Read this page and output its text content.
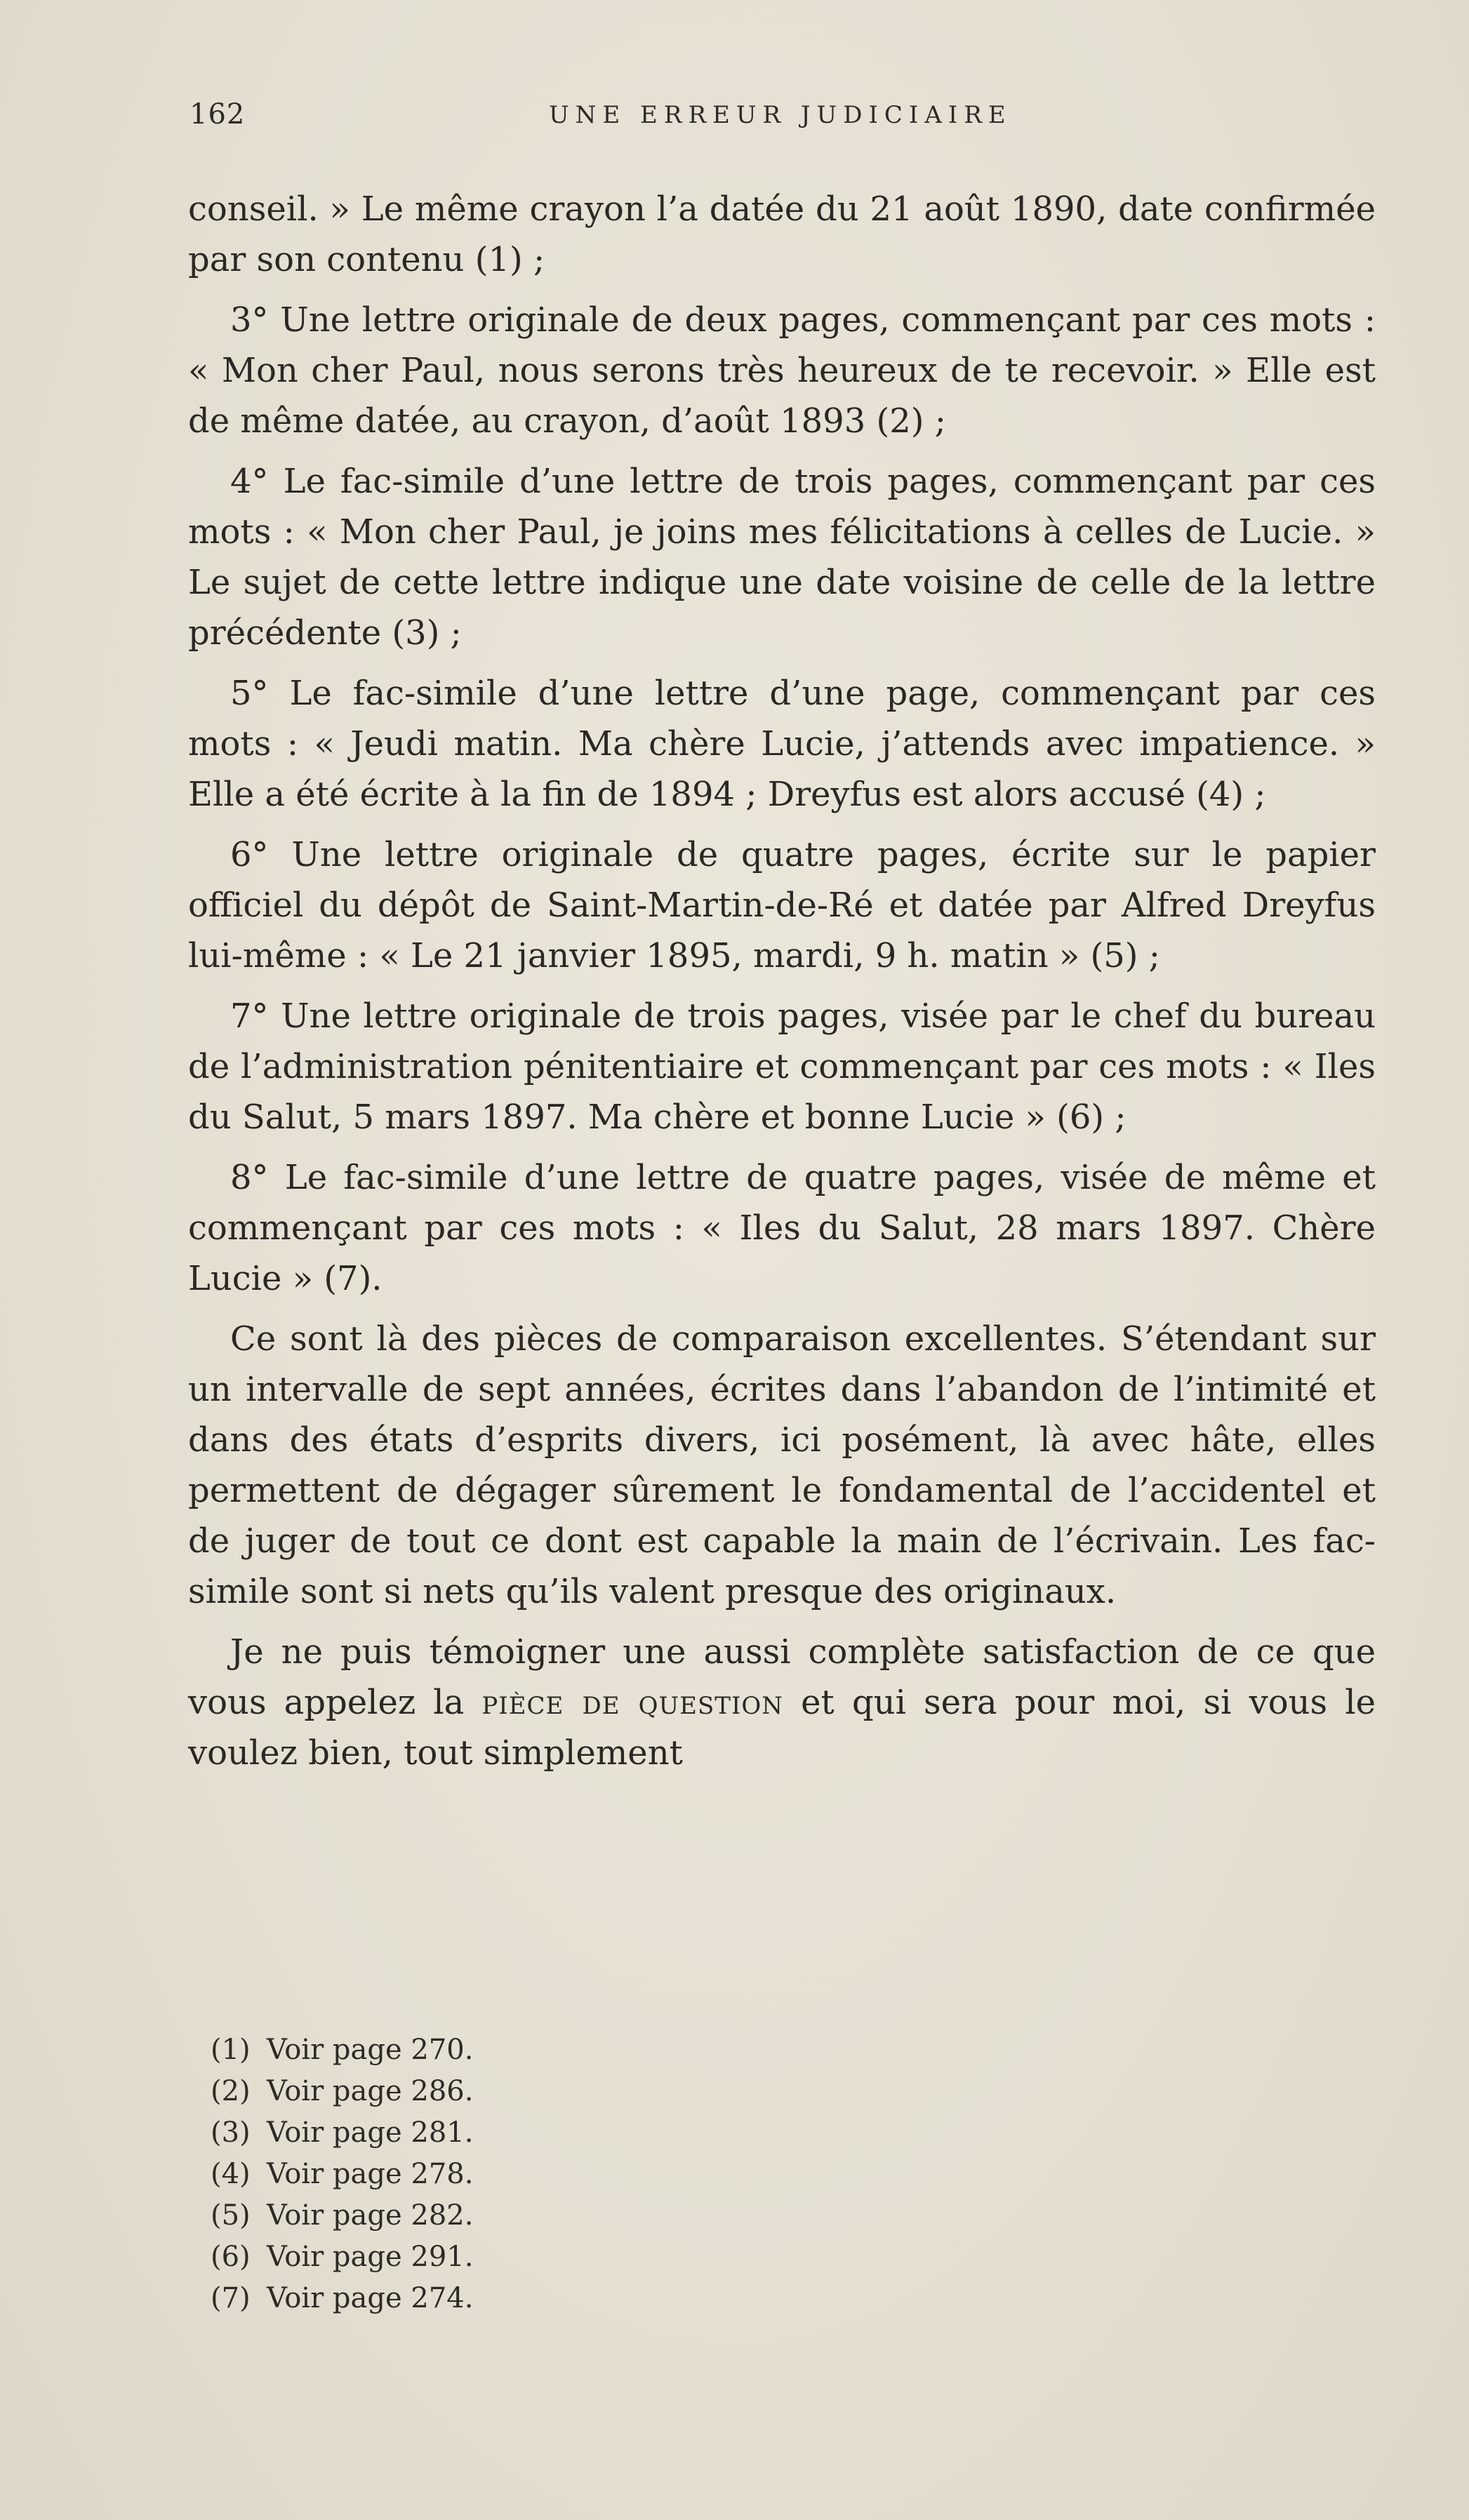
162	UNE ERREUR JUDICIAIRE

conseil. » Le même crayon l’a datée du 21 août 1890, date confirmée par son contenu (1) ;

3° Une lettre originale de deux pages, commençant par ces mots : « Mon cher Paul, nous serons très heureux de te recevoir. » Elle est de même datée, au crayon, d’août 1893 (2) ;

4° Le fac-simile d’une lettre de trois pages, commençant par ces mots : « Mon cher Paul, je joins mes félicitations à celles de Lucie. » Le sujet de cette lettre indique une date voisine de celle de la lettre précédente (3) ;

5° Le fac-simile d’une lettre d’une page, commençant par ces mots : « Jeudi matin. Ma chère Lucie, j’attends avec impatience. » Elle a été écrite à la fin de 1894 ; Dreyfus est alors accusé (4) ;

6° Une lettre originale de quatre pages, écrite sur le papier officiel du dépôt de Saint-Martin-de-Ré et datée par Alfred Dreyfus lui-même : « Le 21 janvier 1895, mardi, 9 h. matin » (5) ;

7° Une lettre originale de trois pages, visée par le chef du bureau de l’administration pénitentiaire et commençant par ces mots : « Iles du Salut, 5 mars 1897. Ma chère et bonne Lucie » (6) ;

8° Le fac-simile d’une lettre de quatre pages, visée de même et commençant par ces mots : « Iles du Salut, 28 mars 1897. Chère Lucie » (7).

Ce sont là des pièces de comparaison excellentes. S’étendant sur un intervalle de sept années, écrites dans l’abandon de l’intimité et dans des états d’esprits divers, ici posément, là avec hâte, elles permettent de dégager sûrement le fondamental de l’accidentel et de juger de tout ce dont est capable la main de l’écrivain. Les fac-simile sont si nets qu’ils valent presque des originaux.

Je ne puis témoigner une aussi complète satisfaction de ce que vous appelez la pièce de question et qui sera pour moi, si vous le voulez bien, tout simplement

(1) Voir page 270.

(2) Voir page 286.

(3) Voir page 281.

(4) Voir page 278.

(5) Voir page 282.

(6) Voir page 291.

(7) Voir page 274.
